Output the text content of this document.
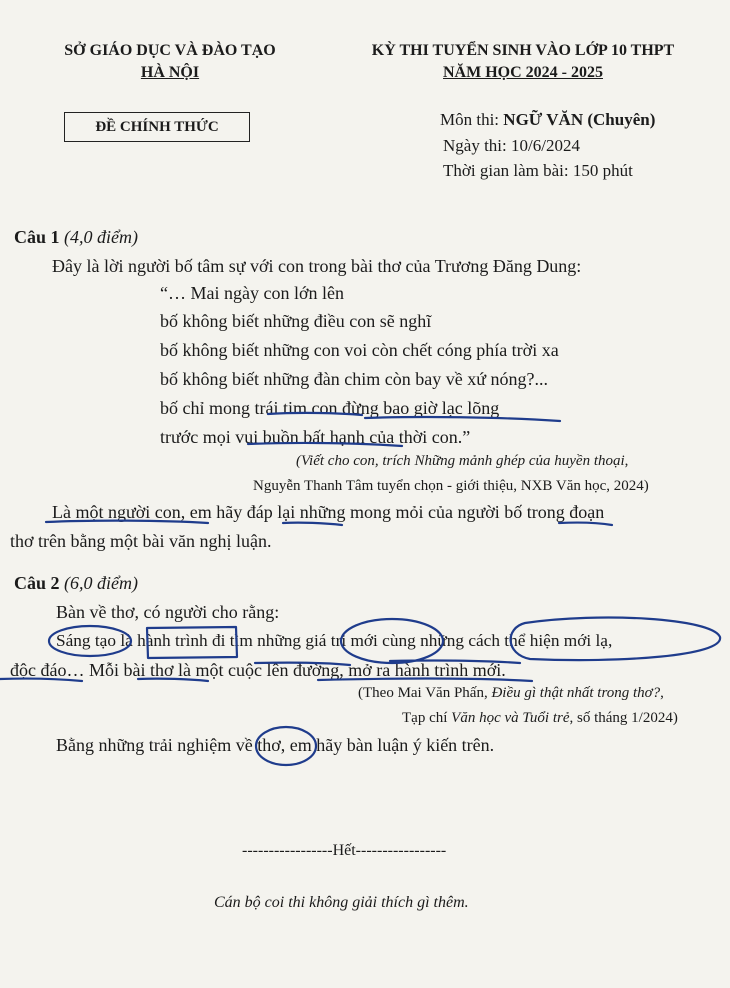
SỞ GIÁO DỤC VÀ ĐÀO TẠO
HÀ NỘI
KỲ THI TUYỂN SINH VÀO LỚP 10 THPT
NĂM HỌC 2024 - 2025
ĐỀ CHÍNH THỨC	Môn thi: NGỮ VĂN (Chuyên)
Ngày thi: 10/6/2024
Thời gian làm bài: 150 phút
Câu 1 (4,0 điểm)
Đây là lời người bố tâm sự với con trong bài thơ của Trương Đăng Dung:
“… Mai ngày con lớn lên
bố không biết những điều con sẽ nghĩ
bố không biết những con voi còn chết cóng phía trời xa
bố không biết những đàn chim còn bay về xứ nóng?...
bố chỉ mong trái tim con đừng bao giờ lạc lõng
trước mọi vui buồn bất hạnh của thời con.”
(Viết cho con, trích Những mảnh ghép của huyền thoại,
Nguyễn Thanh Tâm tuyển chọn - giới thiệu, NXB Văn học, 2024)
Là một người con, em hãy đáp lại những mong mỏi của người bố trong đoạn
thơ trên bằng một bài văn nghị luận.
Câu 2 (6,0 điểm)
Bàn về thơ, có người cho rằng:
Sáng tạo là hành trình đi tìm những giá trị mới cùng những cách thể hiện mới lạ,
độc đáo… Mỗi bài thơ là một cuộc lên đường, mở ra hành trình mới.
(Theo Mai Văn Phấn, Điều gì thật nhất trong thơ?,
Tạp chí Văn học và Tuổi trẻ, số tháng 1/2024)
Bằng những trải nghiệm về thơ, em hãy bàn luận ý kiến trên.
-----------------Hết-----------------
Cán bộ coi thi không giải thích gì thêm.
